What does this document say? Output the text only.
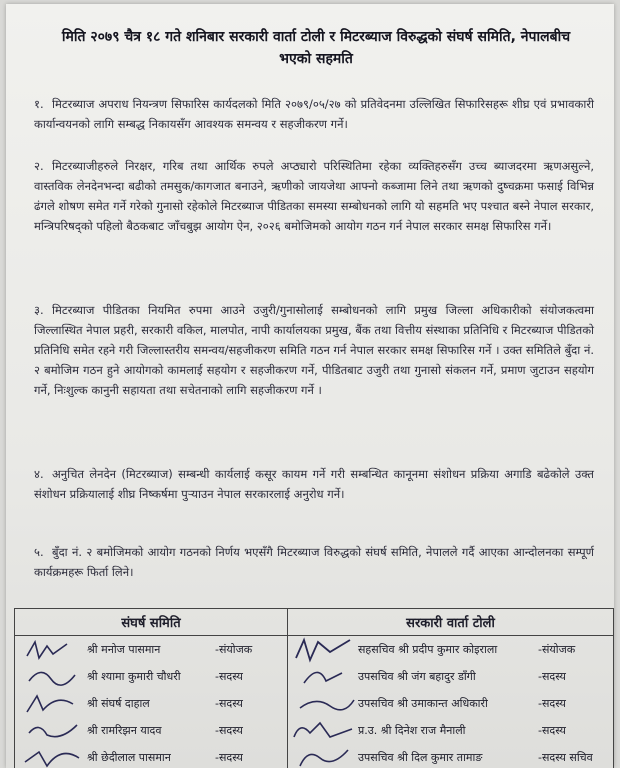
मिति २०७९ चैत्र १८ गते शनिबार सरकारी वार्ता टोली र मिटरब्याज विरुद्धको संघर्ष समिति, नेपालबीच भएको सहमति
१. मिटरब्याज अपराध नियन्त्रण सिफारिस कार्यदलको मिति २०७९/०५/२७ को प्रतिवेदनमा उल्लिखित सिफारिसहरू शीघ्र एवं प्रभावकारी कार्यान्वयनको लागि सम्बद्ध निकायसँग आवश्यक समन्वय र सहजीकरण गर्ने।
२. मिटरब्याजीहरुले निरक्षर, गरिब तथा आर्थिक रुपले अप्ठ्यारो परिस्थितिमा रहेका व्यक्तिहरुसँग उच्च ब्याजदरमा ऋणअसुल्ने, वास्तविक लेनदेनभन्दा बढीको तमसुक/कागजात बनाउने, ऋणीको जायजेथा आफ्नो कब्जामा लिने तथा ऋणको दुष्चक्रमा फसाई विभिन्न ढंगले शोषण समेत गर्ने गरेको गुनासो रहेकोले मिटरब्याज पीडितका समस्या सम्बोधनको लागि यो सहमति भए पश्चात बस्ने नेपाल सरकार, मन्त्रिपरिषद्को पहिलो बैठकबाट जाँचबुझ आयोग ऐन, २०२६ बमोजिमको आयोग गठन गर्न नेपाल सरकार समक्ष सिफारिस गर्ने।
३. मिटरब्याज पीडितका नियमित रुपमा आउने उजुरी/गुनासोलाई सम्बोधनको लागि प्रमुख जिल्ला अधिकारीको संयोजकत्वमा जिल्लास्थित नेपाल प्रहरी, सरकारी वकिल, मालपोत, नापी कार्यालयका प्रमुख, बैंक तथा वित्तीय संस्थाका प्रतिनिधि र मिटरब्याज पीडितको प्रतिनिधि समेत रहने गरी जिल्लास्तरीय समन्वय/सहजीकरण समिति गठन गर्न नेपाल सरकार समक्ष सिफारिस गर्ने । उक्त समितिले बुँदा नं. २ बमोजिम गठन हुने आयोगको कामलाई सहयोग र सहजीकरण गर्ने, पीडितबाट उजुरी तथा गुनासो संकलन गर्ने, प्रमाण जुटाउन सहयोग गर्ने, निःशुल्क कानुनी सहायता तथा सचेतनाको लागि सहजीकरण गर्ने ।
४. अनुचित लेनदेन (मिटरब्याज) सम्बन्धी कार्यलाई कसूर कायम गर्ने गरी सम्बन्धित कानूनमा संशोधन प्रक्रिया अगाडि बढेकोले उक्त संशोधन प्रक्रियालाई शीघ्र निष्कर्षमा पुऱ्याउन नेपाल सरकारलाई अनुरोध गर्ने।
५. बुँदा नं. २ बमोजिमको आयोग गठनको निर्णय भएसँगै मिटरब्याज विरुद्धको संघर्ष समिति, नेपालले गर्दै आएका आन्दोलनका सम्पूर्ण कार्यक्रमहरू फिर्ता लिने।
संघर्ष समिति	सरकारी वार्ता टोली

श्री मनोज पासमान -संयोजक	सहसचिव श्री प्रदीप कुमार कोइराला -संयोजक

श्री श्यामा कुमारी चौधरी -सदस्य	उपसचिव श्री जंग बहादुर डाँगी -सदस्य

श्री संघर्ष दाहाल -सदस्य	उपसचिव श्री उमाकान्त अधिकारी -सदस्य

श्री रामरिझन यादव -सदस्य	प्र.उ. श्री दिनेश राज मैनाली -सदस्य

श्री छेदीलाल पासमान -सदस्य	उपसचिव श्री दिल कुमार तामाङ -सदस्य सचिव
